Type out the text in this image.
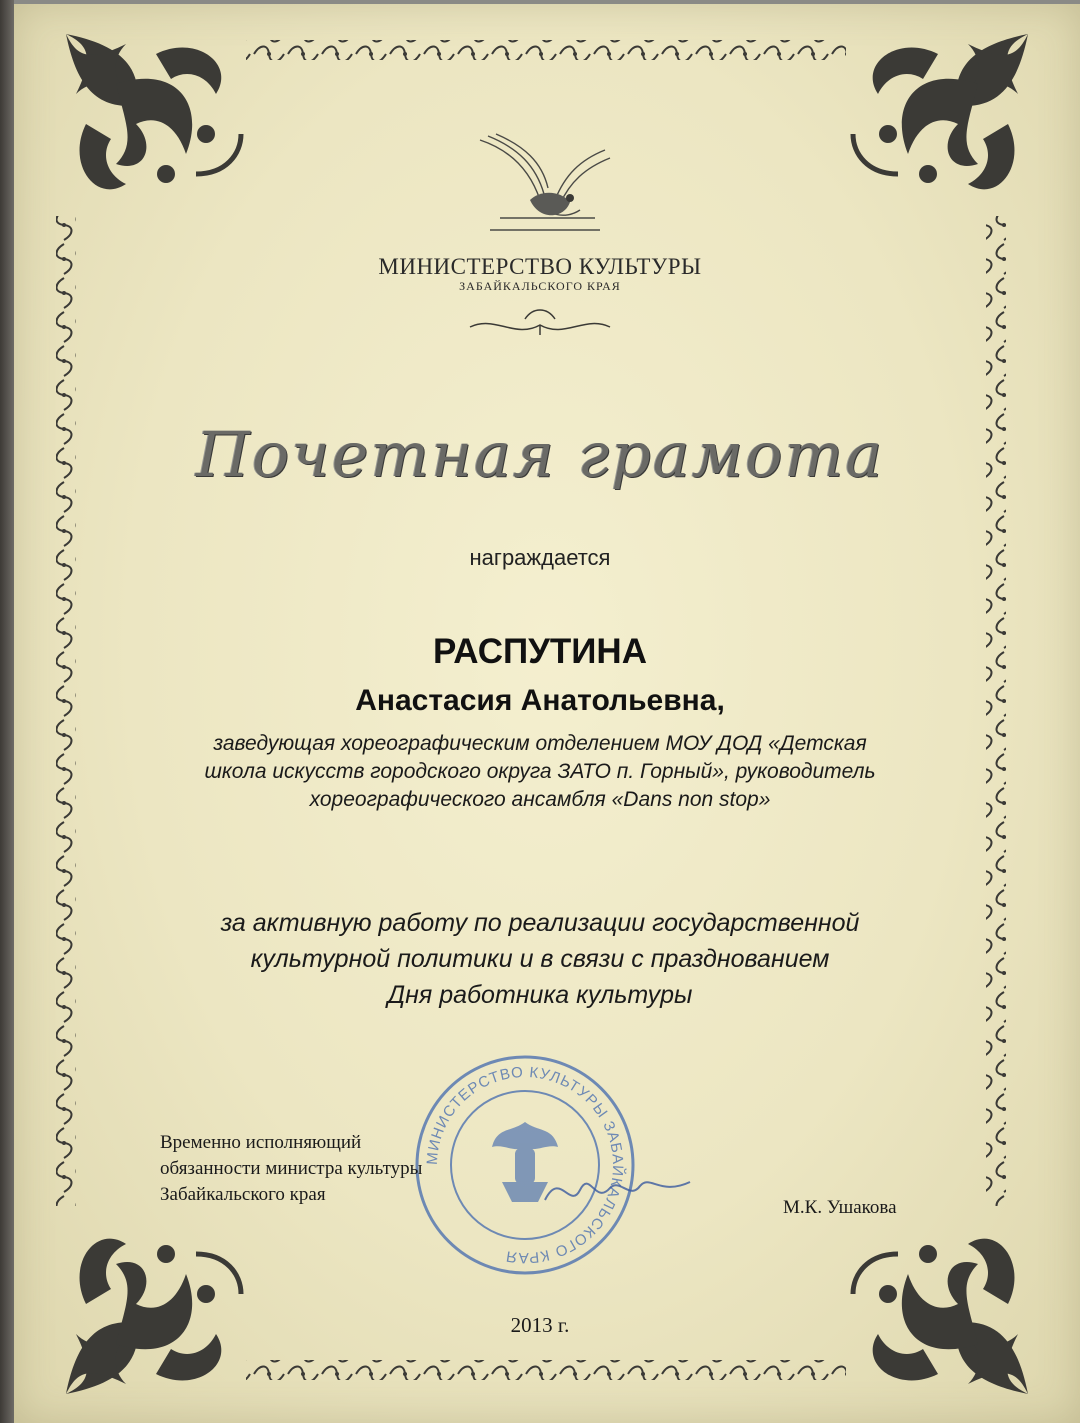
МИНИСТЕРСТВО КУЛЬТУРЫ
ЗАБАЙКАЛЬСКОГО КРАЯ
Почетная грамота
награждается
РАСПУТИНА
Анастасия Анатольевна,
заведующая хореографическим отделением МОУ ДОД «Детская
школа искусств городского округа ЗАТО п. Горный», руководитель
хореографического ансамбля «Dans non stop»
за активную работу по реализации государственной
культурной политики и в связи с празднованием
Дня работника культуры
МИНИСТЕРСТВО КУЛЬТУРЫ ЗАБАЙКАЛЬСКОГО КРАЯ
Временно исполняющий
обязанности министра культуры
Забайкальского края
М.К. Ушакова
2013 г.
